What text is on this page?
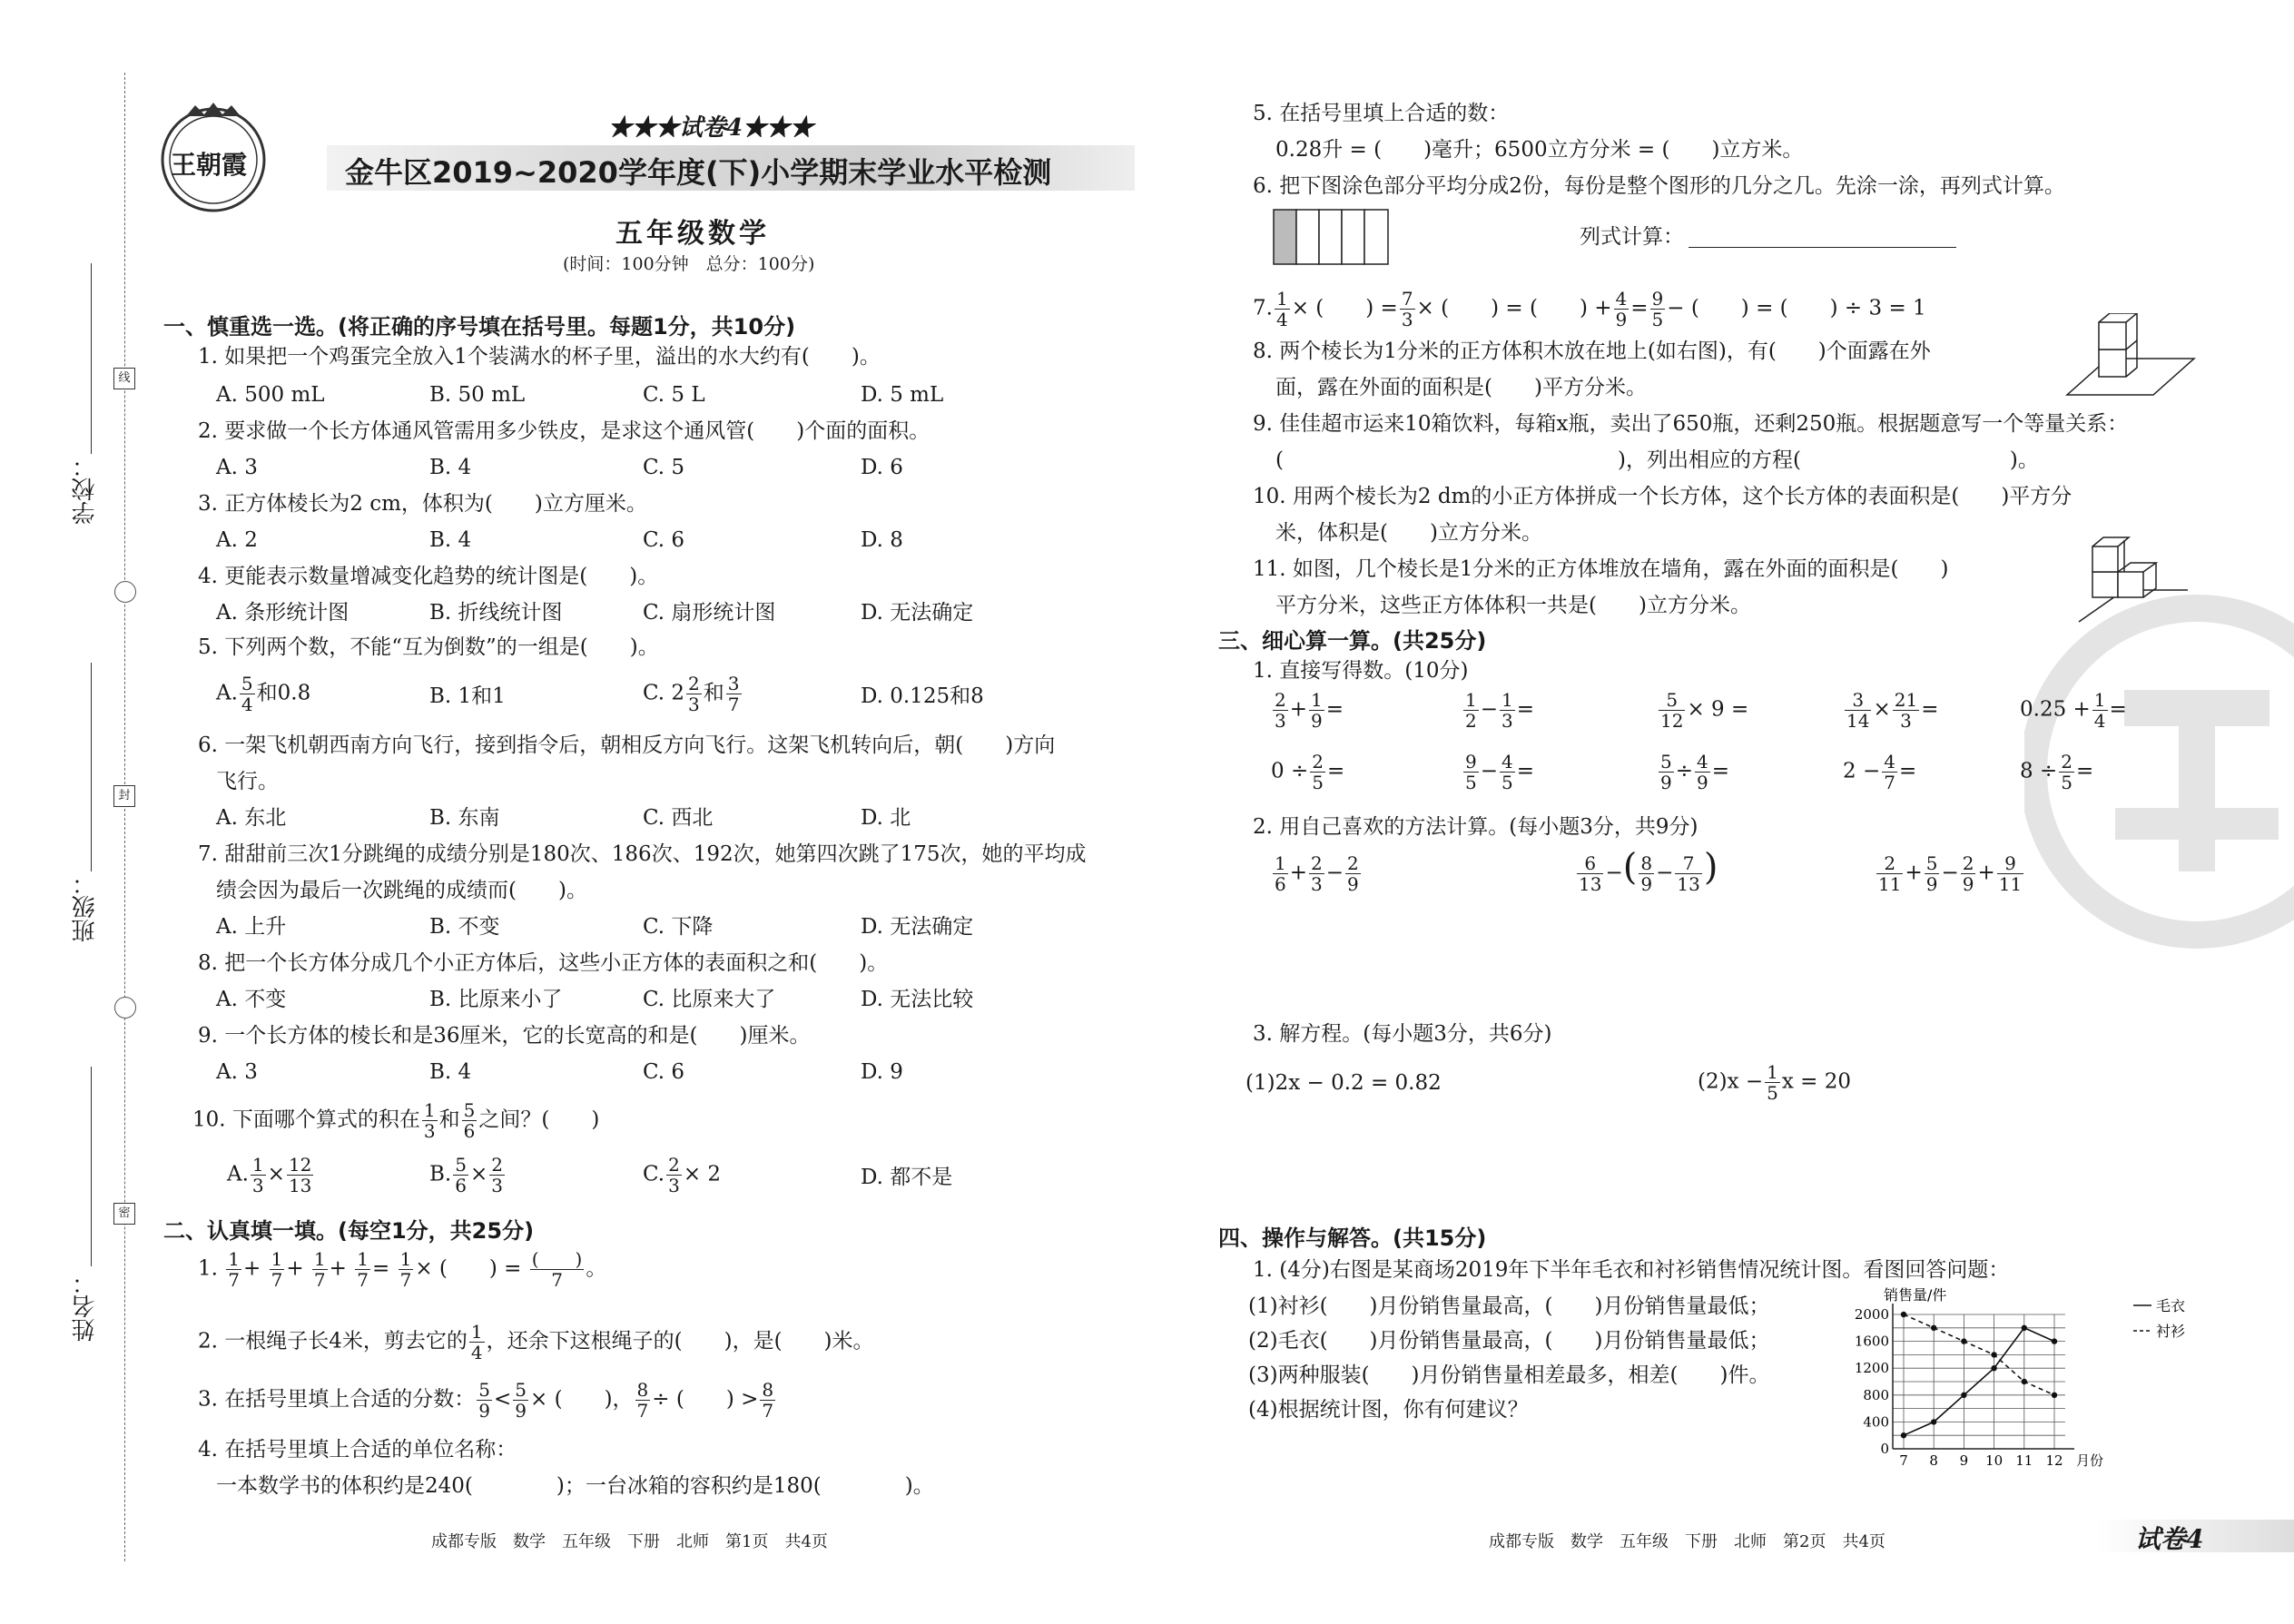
线
封
密
学校：
班级：
姓名：
王朝霞
★★★试卷4★★★
金牛区2019~2020学年度(下)小学期末学业水平检测
五年级数学
(时间：100分钟　总分：100分)
一、慎重选一选。(将正确的序号填在括号里。每题1分，共10分)
1. 如果把一个鸡蛋完全放入1个装满水的杯子里，溢出的水大约有(　　)。
A. 500 mL	B. 50 mL	C. 5 L	D. 5 mL
2. 要求做一个长方体通风管需用多少铁皮，是求这个通风管(　　)个面的面积。
A. 3	B. 4	C. 5	D. 6
3. 正方体棱长为2 cm，体积为(　　)立方厘米。
A. 2	B. 4	C. 6	D. 8
4. 更能表示数量增减变化趋势的统计图是(　　)。
A. 条形统计图	B. 折线统计图	C. 扇形统计图	D. 无法确定
5. 下列两个数，不能“互为倒数”的一组是(　　)。
A. $\frac{5}{4}$ 和0.8	B. 1和1	C. $2 \frac{2}{3}$ 和 $\frac{3}{7}$	D. 0.125和8
6. 一架飞机朝西南方向飞行，接到指令后，朝相反方向飞行。这架飞机转向后，朝(　　)方向
飞行。
A. 东北	B. 东南	C. 西北	D. 北
7. 甜甜前三次1分跳绳的成绩分别是180次、186次、192次，她第四次跳了175次，她的平均成
绩会因为最后一次跳绳的成绩而(　　)。
A. 上升	B. 不变	C. 下降	D. 无法确定
8. 把一个长方体分成几个小正方体后，这些小正方体的表面积之和(　　)。
A. 不变	B. 比原来小了	C. 比原来大了	D. 无法比较
9. 一个长方体的棱长和是36厘米，它的长宽高的和是(　　)厘米。
A. 3	B. 4	C. 6	D. 9
10. 下面哪个算式的积在 $\frac{1}{3}$ 和 $\frac{5}{6}$ 之间？(　　)
A. $\frac{1}{3} \times \frac{12}{13}$	B. $\frac{5}{6} \times \frac{2}{3}$	C. $\frac{2}{3} \times 2$	D. 都不是
二、认真填一填。(每空1分，共25分)
1. $\frac{1}{7} + \frac{1}{7} + \frac{1}{7} + \frac{1}{7} = \frac{1}{7}$ × (　　) = $\frac{( )}{7}$ 。
2. 一根绳子长4米，剪去它的 $\frac{1}{4}$ ，还余下这根绳子的(　　)，是(　　)米。
3. 在括号里填上合适的分数： $\frac{5}{9} < \frac{5}{9}$ × (　　)， $\frac{8}{7}$ ÷ (　　) > $\frac{8}{7}$
4. 在括号里填上合适的单位名称：
一本数学书的体积约是240(　　　　)；一台冰箱的容积约是180(　　　　)。
成都专版　数学　五年级　下册　北师　第1页　共4页
5. 在括号里填上合适的数：
0.28升 = (　　)毫升；6500立方分米 = (　　)立方米。
6. 把下图涂色部分平均分成2份，每份是整个图形的几分之几。先涂一涂，再列式计算。
列式计算：
7. $\frac{1}{4}$ × (　　) = $\frac{7}{3}$ × (　　) = (　　) + $\frac{4}{9} = \frac{9}{5}$ − (　　) = (　　) ÷ 3 = 1
8. 两个棱长为1分米的正方体积木放在地上(如右图)，有(　　)个面露在外
面，露在外面的面积是(　　)平方分米。
9. 佳佳超市运来10箱饮料，每箱x瓶，卖出了650瓶，还剩250瓶。根据题意写一个等量关系：
(　　　　　　　　　　　　　　　　)，列出相应的方程(　　　　　　　　　　)。
10. 用两个棱长为2 dm的小正方体拼成一个长方体，这个长方体的表面积是(　　)平方分
米，体积是(　　)立方分米。
11. 如图，几个棱长是1分米的正方体堆放在墙角，露在外面的面积是(　　)
平方分米，这些正方体体积一共是(　　)立方分米。
三、细心算一算。(共25分)
1. 直接写得数。(10分)
$\frac{2}{3} + \frac{1}{9}$ =	$\frac{1}{2} - \frac{1}{3}$ =	$\frac{5}{12} \times 9$ =	$\frac{3}{14} \times \frac{21}{3}$ =	$0.25 + \frac{1}{4}$ =
$0 \div \frac{2}{5}$ =	$\frac{9}{5} - \frac{4}{5}$ =	$\frac{5}{9} \div \frac{4}{9}$ =	$2 - \frac{4}{7}$ =	$8 \div \frac{2}{5}$ =
2. 用自己喜欢的方法计算。(每小题3分，共9分)
$\frac{1}{6} + \frac{2}{3} - \frac{2}{9}$	$\frac{6}{13}$ −( $\frac{8}{9} - \frac{7}{13}$ )	$\frac{2}{11} + \frac{5}{9} - \frac{2}{9} + \frac{9}{11}$
3. 解方程。(每小题3分，共6分)
(1)2x − 0.2 = 0.82	$(2)x - \frac{1}{5}$ x = 20
四、操作与解答。(共15分)
1. (4分)右图是某商场2019年下半年毛衣和衬衫销售情况统计图。看图回答问题：
(1)衬衫(　　)月份销售量最高，(　　)月份销售量最低；
(2)毛衣(　　)月份销售量最高，(　　)月份销售量最低；
(3)两种服装(　　)月份销售量相差最多，相差(　　)件。
(4)根据统计图，你有何建议？
0
400
800
1200
1600
2000
7 8 9 10 11 12 月份
销售量/件
毛衣
衬衫
成都专版　数学　五年级　下册　北师　第2页　共4页	试卷4
